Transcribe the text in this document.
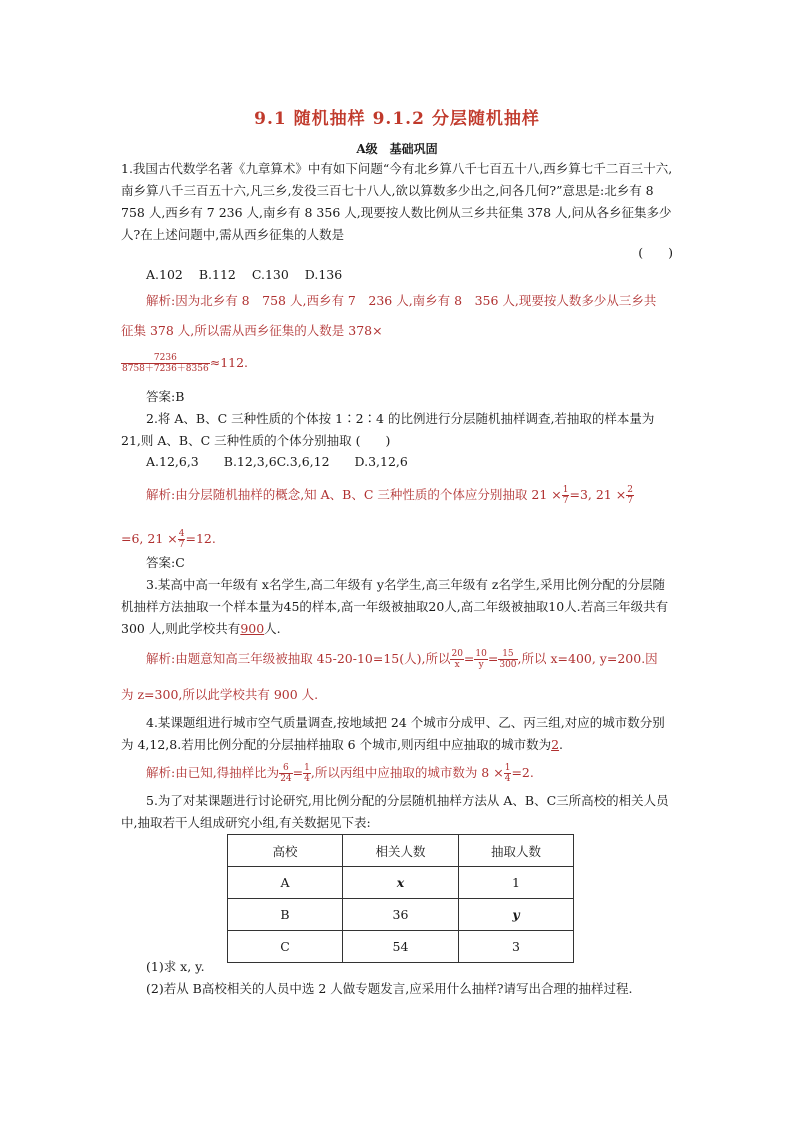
9.1 随机抽样 9.1.2 分层随机抽样
A级　基础巩固
1.我国古代数学名著《九章算术》中有如下问题“今有北乡算八千七百五十八,西乡算七千二百三十六,南乡算八千三百五十六,凡三乡,发役三百七十八人,欲以算数多少出之,问各几何?”意思是:北乡有 8 758 人,西乡有 7 236 人,南乡有 8 356 人,现要按人数比例从三乡共征集 378 人,问从各乡征集多少人?在上述问题中,需从西乡征集的人数是
(　　)
A.102 B.112 C.130 D.136
解析:因为北乡有 8　758 人,西乡有 7　236 人,南乡有 8　356 人,现要按人数多少从三乡共
征集 378 人,所以需从西乡征集的人数是 378×
$\frac{7236}{8758+7236+8356} \approx 112$.
答案:B
2.将 A、B、C 三种性质的个体按 1∶2∶4 的比例进行分层随机抽样调查,若抽取的样本量为 21,则 A、B、C 三种性质的个体分别抽取 (　　)
A.12,6,3　　B.12,3,6C.3,6,12　　D.3,12,6
解析:由分层随机抽样的概念,知 A、B、C 三种性质的个体应分别抽取 $21 \times \frac{1}{7} =3$, $21 \times \frac{2}{7}$
=6, $21 \times \frac{4}{7} =12$.
答案:C
3.某高中高一年级有 x名学生,高二年级有 y名学生,高三年级有 z名学生,采用比例分配的分层随机抽样方法抽取一个样本量为45的样本,高一年级被抽取20人,高二年级被抽取10人.若高三年级共有 300 人,则此学校共有900人.
解析:由题意知高三年级被抽取 45-20-10=15(人),所以 $\frac{20}{x} = \frac{10}{y} = \frac{15}{300}$ ,所以 x=400, y=200.因
为 z=300,所以此学校共有 900 人.
4.某课题组进行城市空气质量调查,按地域把 24 个城市分成甲、乙、丙三组,对应的城市数分别为 4,12,8.若用比例分配的分层抽样抽取 6 个城市,则丙组中应抽取的城市数为2.
解析:由已知,得抽样比为 $\frac{6}{24} = \frac{1}{4}$ ,所以丙组中应抽取的城市数为 $8 \times \frac{1}{4} =2$.
5.为了对某课题进行讨论研究,用比例分配的分层随机抽样方法从 A、B、C三所高校的相关人员中,抽取若干人组成研究小组,有关数据见下表:
高校	相关人数	抽取人数
A	x	1
B	36	y
C	54	3
(1)求 x, y.
(2)若从 B高校相关的人员中选 2 人做专题发言,应采用什么抽样?请写出合理的抽样过程.
